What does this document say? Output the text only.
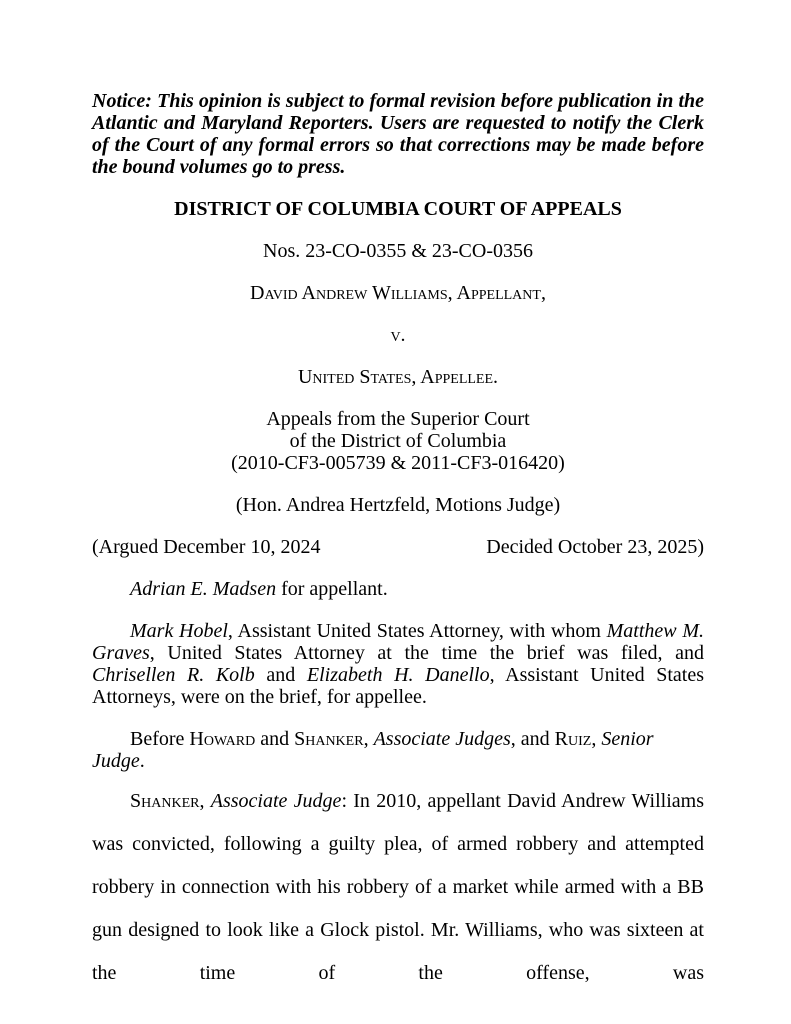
Notice: This opinion is subject to formal revision before publication in the Atlantic and Maryland Reporters. Users are requested to notify the Clerk of the Court of any formal errors so that corrections may be made before the bound volumes go to press.

DISTRICT OF COLUMBIA COURT OF APPEALS

Nos. 23-CO-0355 & 23-CO-0356

David Andrew Williams, Appellant,

v.

United States, Appellee.

Appeals from the Superior Court
of the District of Columbia
(2010-CF3-005739 & 2011-CF3-016420)

(Hon. Andrea Hertzfeld, Motions Judge)

(Argued December 10, 2024	Decided October 23, 2025)

Adrian E. Madsen for appellant.

Mark Hobel, Assistant United States Attorney, with whom Matthew M. Graves, United States Attorney at the time the brief was filed, and Chrisellen R. Kolb and Elizabeth H. Danello, Assistant United States Attorneys, were on the brief, for appellee.

Before Howard and Shanker, Associate Judges, and Ruiz, Senior Judge.

Shanker, Associate Judge: In 2010, appellant David Andrew Williams was convicted, following a guilty plea, of armed robbery and attempted robbery in connection with his robbery of a market while armed with a BB gun designed to look like a Glock pistol. Mr. Williams, who was sixteen at the time of the offense, was
